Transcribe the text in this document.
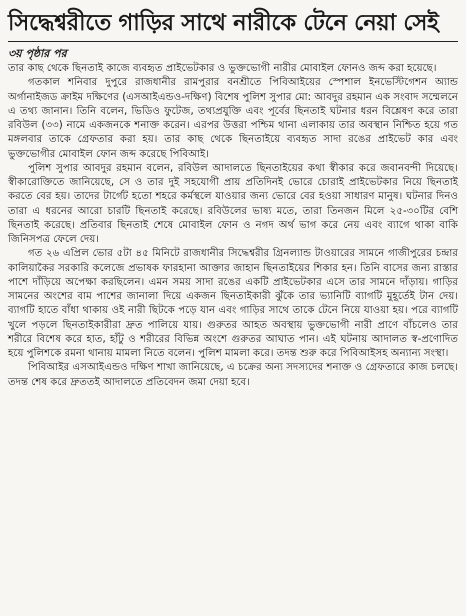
সিদ্ধেশ্বরীতে গাড়ির সাথে নারীকে টেনে নেয়া সেই
৩য় পৃষ্ঠার পর

তার কাছ থেকে ছিনতাই কাজে ব্যবহৃত প্রাইভেটকার ও ভুক্তভোগী নারীর মোবাইল ফোনও জব্দ করা হয়েছে।

গতকাল শনিবার দুপুরে রাজধানীর রামপুরার বনশ্রীতে পিবিআইয়ের স্পেশাল ইনভেস্টিগেশন অ্যান্ড অর্গানাইজড ক্রাইম দক্ষিণের (এসআইএন্ডও-দক্ষিণ) বিশেষ পুলিশ সুপার মো: আবদুর রহমান এক সংবাদ সম্মেলনে এ তথ্য জানান। তিনি বলেন, ভিডিও ফুটেজ, তথ্যপ্রযুক্তি এবং পূর্বের ছিনতাই ঘটনার ধরন বিশ্লেষণ করে তারা রবিউল (৩৩) নামে একজনকে শনাক্ত করেন। এরপর উত্তরা পশ্চিম থানা এলাকায় তার অবস্থান নিশ্চিত হয়ে গত মঙ্গলবার তাকে গ্রেফতার করা হয়। তার কাছ থেকে ছিনতাইয়ে ব্যবহৃত সাদা রঙের প্রাইভেট কার এবং ভুক্তভোগীর মোবাইল ফোন জব্দ করেছে পিবিআই।

পুলিশ সুপার আবদুর রহমান বলেন, রবিউল আদালতে ছিনতাইয়ের কথা স্বীকার করে জবানবন্দী দিয়েছে। স্বীকারোক্তিতে জানিয়েছে, সে ও তার দুই সহযোগী প্রায় প্রতিদিনই ভোরে চোরাই প্রাইভেটকার নিয়ে ছিনতাই করতে বের হয়। তাদের টার্গেট হতো শহরে কর্মস্থলে যাওয়ার জন্য ভোরে বের হওয়া সাধারণ মানুষ। ঘটনার দিনও তারা এ ধরনের আরো চারটি ছিনতাই করেছে। রবিউলের ভাষ্য মতে, তারা তিনজন মিলে ২৫-৩০টির বেশি ছিনতাই করেছে। প্রতিবার ছিনতাই শেষে মোবাইল ফোন ও নগদ অর্থ ভাগ করে নেয় এবং ব্যাগে থাকা বাকি জিনিসপত্র ফেলে দেয়।

গত ২৬ এপ্রিল ভোর ৫টা ৪৫ মিনিটে রাজধানীর সিদ্ধেশ্বরীর গ্রিনল্যান্ড টাওয়ারের সামনে গাজীপুরের চন্দ্রার কালিয়াকৈর সরকারি কলেজে প্রভাষক ফারহানা আক্তার জাহান ছিনতাইয়ের শিকার হন। তিনি বাসের জন্য রাস্তার পাশে দাঁড়িয়ে অপেক্ষা করছিলেন। এমন সময় সাদা রঙের একটি প্রাইভেটকার এসে তার সামনে দাঁড়ায়। গাড়ির সামনের অংশের বাম পাশের জানালা দিয়ে একজন ছিনতাইকারী ঝুঁকে তার ভ্যানিটি ব্যাগটি মুহূর্তেই টান দেয়। ব্যাগটি হাতে বাঁধা থাকায় ওই নারী ছিটকে পড়ে যান এবং গাড়ির সাথে তাকে টেনে নিয়ে যাওয়া হয়। পরে ব্যাগটি খুলে পড়লে ছিনতাইকারীরা দ্রুত পালিয়ে যায়। গুরুতর আহত অবস্থায় ভুক্তভোগী নারী প্রাণে বাঁচলেও তার শরীরে বিশেষ করে হাত, হাঁটু ও শরীরের বিভিন্ন অংশে গুরুতর আঘাত পান। এই ঘটনায় আদালত স্ব-প্রণোদিত হয়ে পুলিশকে রমনা থানায় মামলা নিতে বলেন। পুলিশ মামলা করে। তদন্ত শুরু করে পিবিআইসহ অন্যান্য সংস্থা।

পিবিআইর এসআইএন্ডও দক্ষিণ শাখা জানিয়েছে, এ চক্রের অন্য সদস্যদের শনাক্ত ও গ্রেফতারে কাজ চলছে। তদন্ত শেষ করে দ্রুততই আদালতে প্রতিবেদন জমা দেয়া হবে।
